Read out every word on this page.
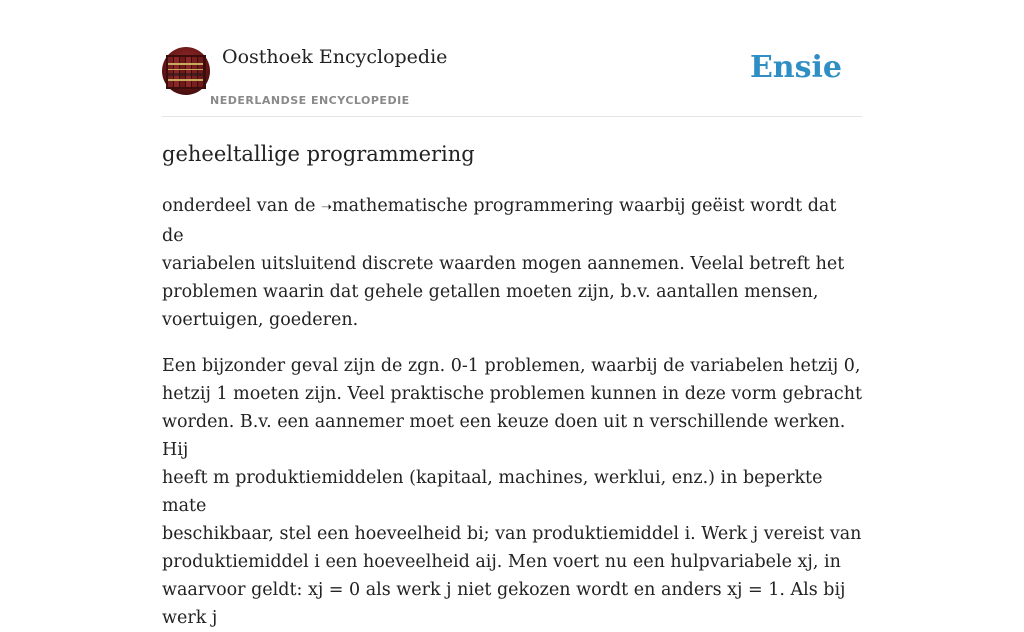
Oosthoek Encyclopedie
NEDERLANDSE ENCYCLOPEDIE
Ensie
geheeltallige programmering

onderdeel van de ➝mathematische programmering waarbij geëist wordt dat de
variabelen uitsluitend discrete waarden mogen aannemen. Veelal betreft het
problemen waarin dat gehele getallen moeten zijn, b.v. aantallen mensen,
voertuigen, goederen.

Een bijzonder geval zijn de zgn. 0-1 problemen, waarbij de variabelen hetzij 0,
hetzij 1 moeten zijn. Veel praktische problemen kunnen in deze vorm gebracht
worden. B.v. een aannemer moet een keuze doen uit n verschillende werken. Hij
heeft m produktiemiddelen (kapitaal, machines, werklui, enz.) in beperkte mate
beschikbaar, stel een hoeveelheid bi; van produktiemiddel i. Werk j vereist van
produktiemiddel i een hoeveelheid aij. Men voert nu een hulpvariabele xj, in
waarvoor geldt: xj = 0 als werk j niet gekozen wordt en anders xj = 1. Als bij werk j
